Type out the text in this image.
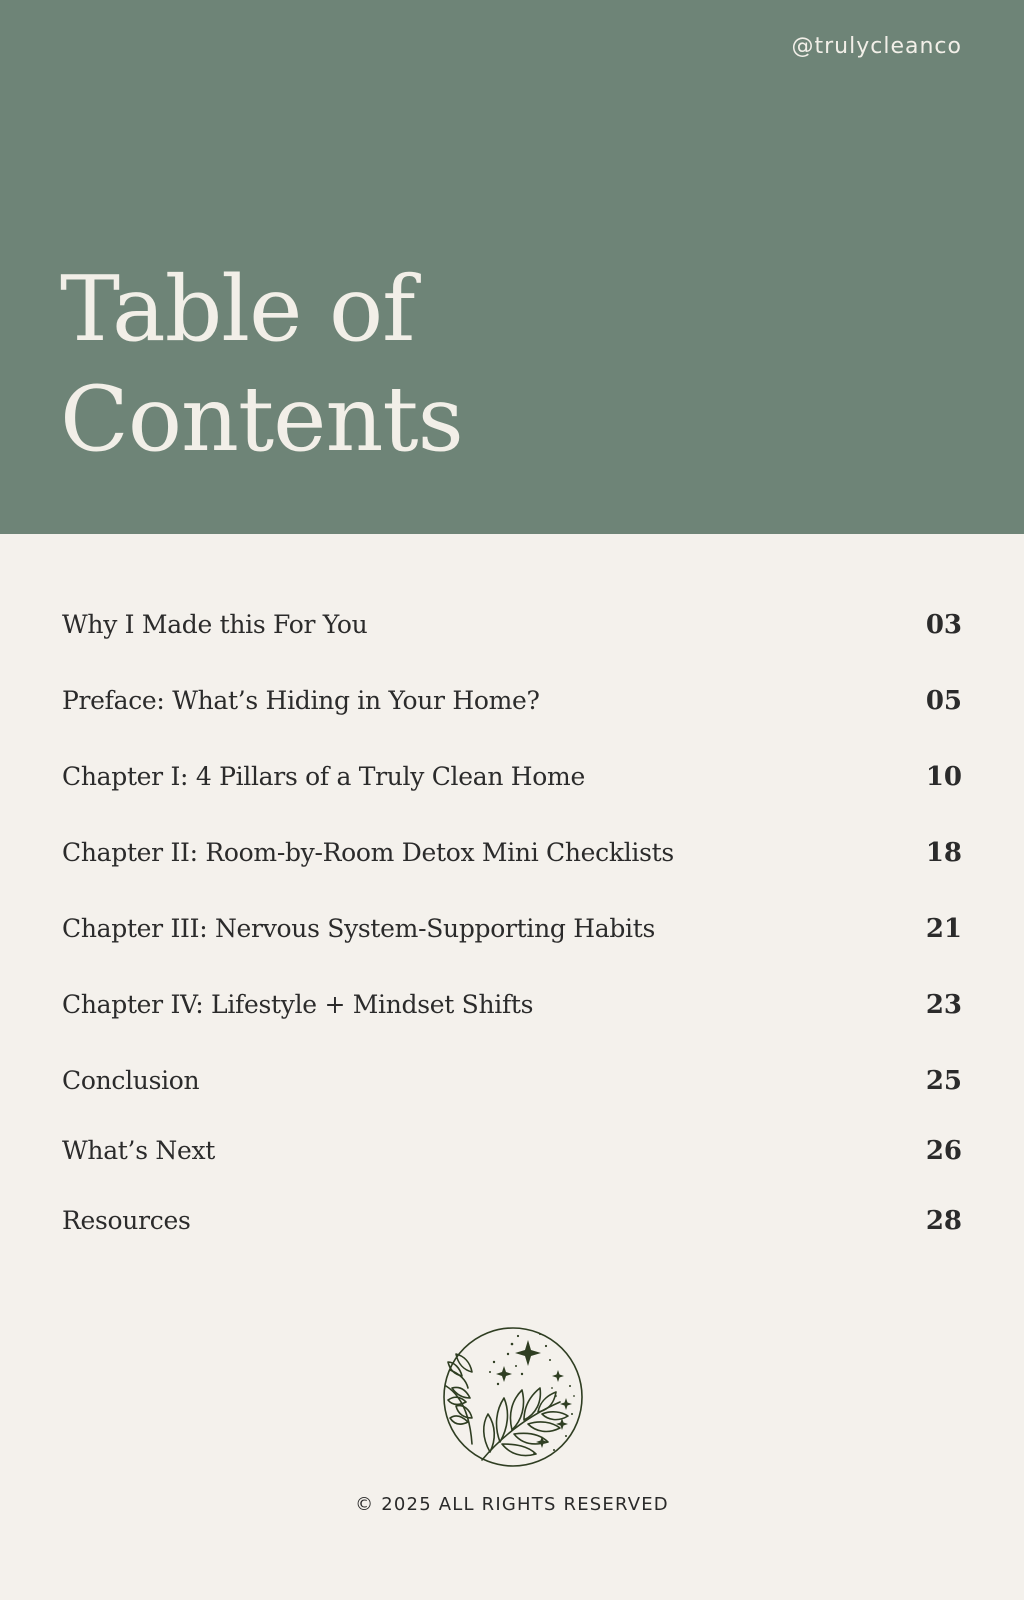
@trulycleanco
Table of
Contents
Why I Made this For You	03
Preface: What’s Hiding in Your Home?	05
Chapter I: 4 Pillars of a Truly Clean Home	10
Chapter II: Room-by-Room Detox Mini Checklists	18
Chapter III: Nervous System-Supporting Habits	21
Chapter IV: Lifestyle + Mindset Shifts	23
Conclusion	25
What’s Next	26
Resources	28
© 2025 ALL RIGHTS RESERVED
